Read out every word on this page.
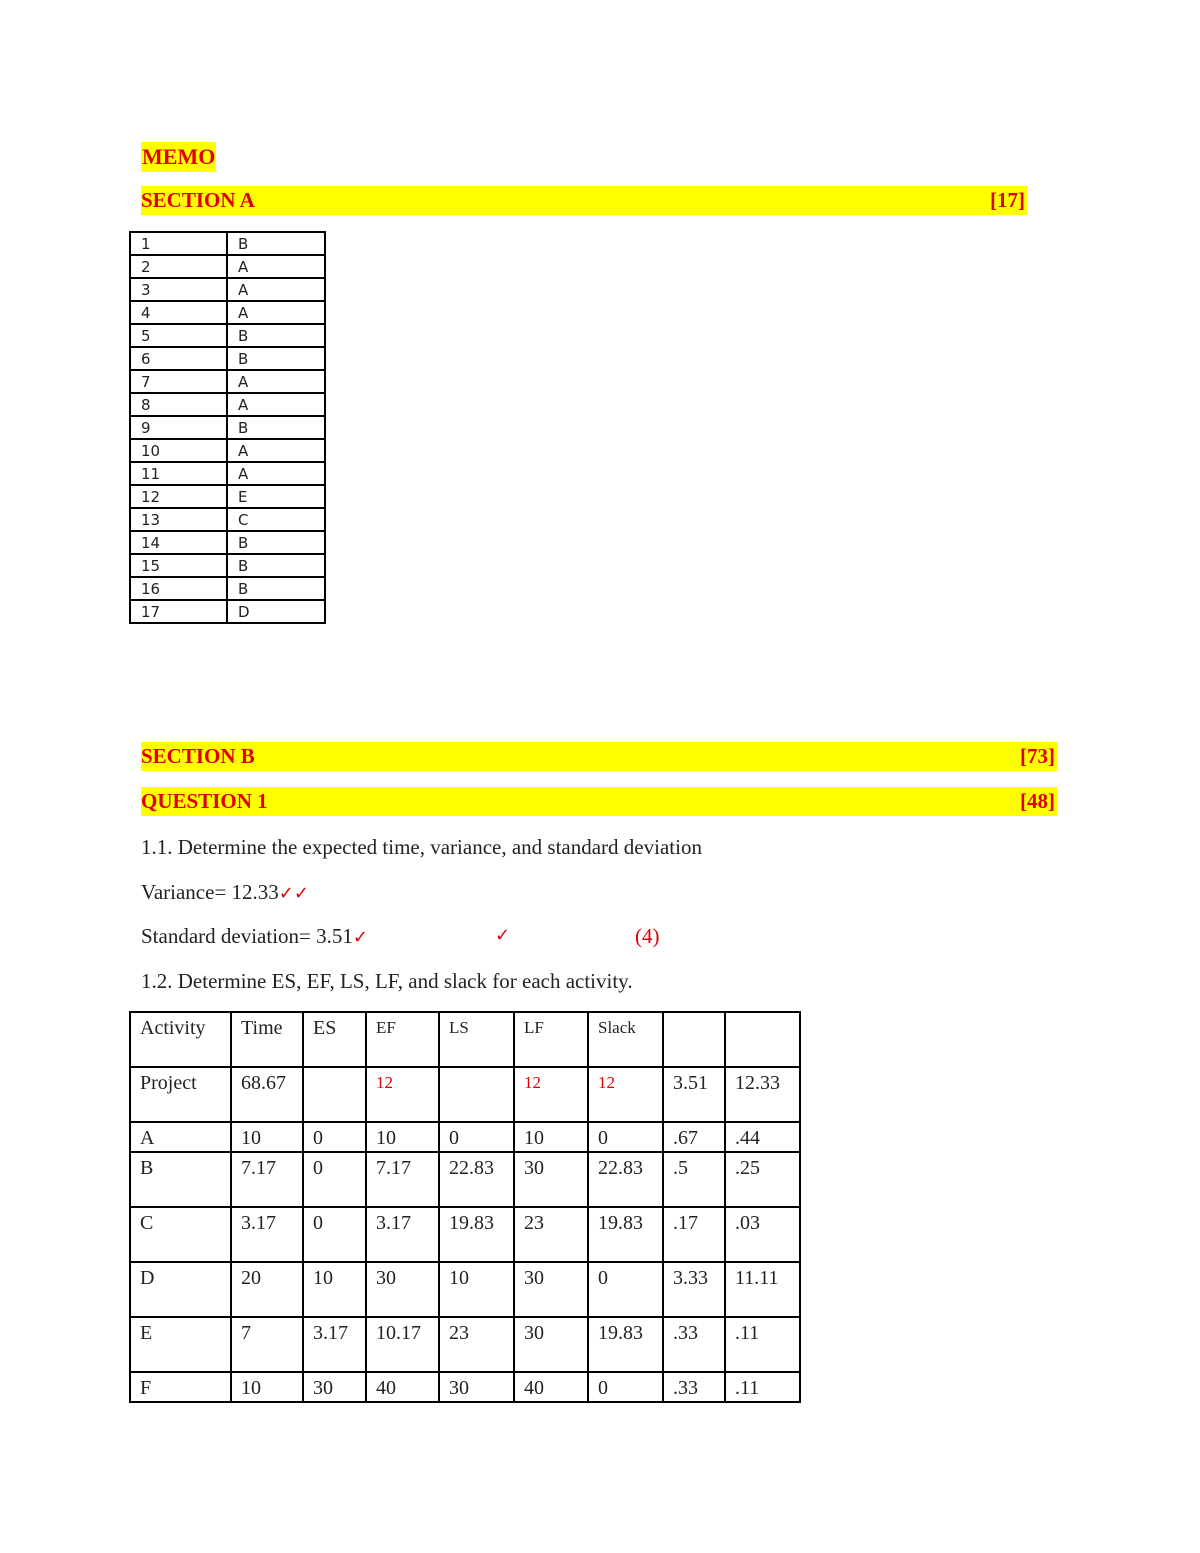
MEMO
SECTION A	[17]
1	B
2	A
3	A
4	A
5	B
6	B
7	A
8	A
9	B
10	A
11	A
12	E
13	C
14	B
15	B
16	B
17	D
SECTION B	[73]
QUESTION 1	[48]
1.1. Determine the expected time, variance, and standard deviation
Variance= 12.33✓✓
Standard deviation= 3.51✓	✓	(4)
1.2. Determine ES, EF, LS, LF, and slack for each activity.
Activity	Time	ES	EF	LS	LF	Slack		
Project	68.67		12		12	12	3.51	12.33
A	10	0	10	0	10	0	.67	.44
B	7.17	0	7.17	22.83	30	22.83	.5	.25
C	3.17	0	3.17	19.83	23	19.83	.17	.03
D	20	10	30	10	30	0	3.33	11.11
E	7	3.17	10.17	23	30	19.83	.33	.11
F	10	30	40	30	40	0	.33	.11
